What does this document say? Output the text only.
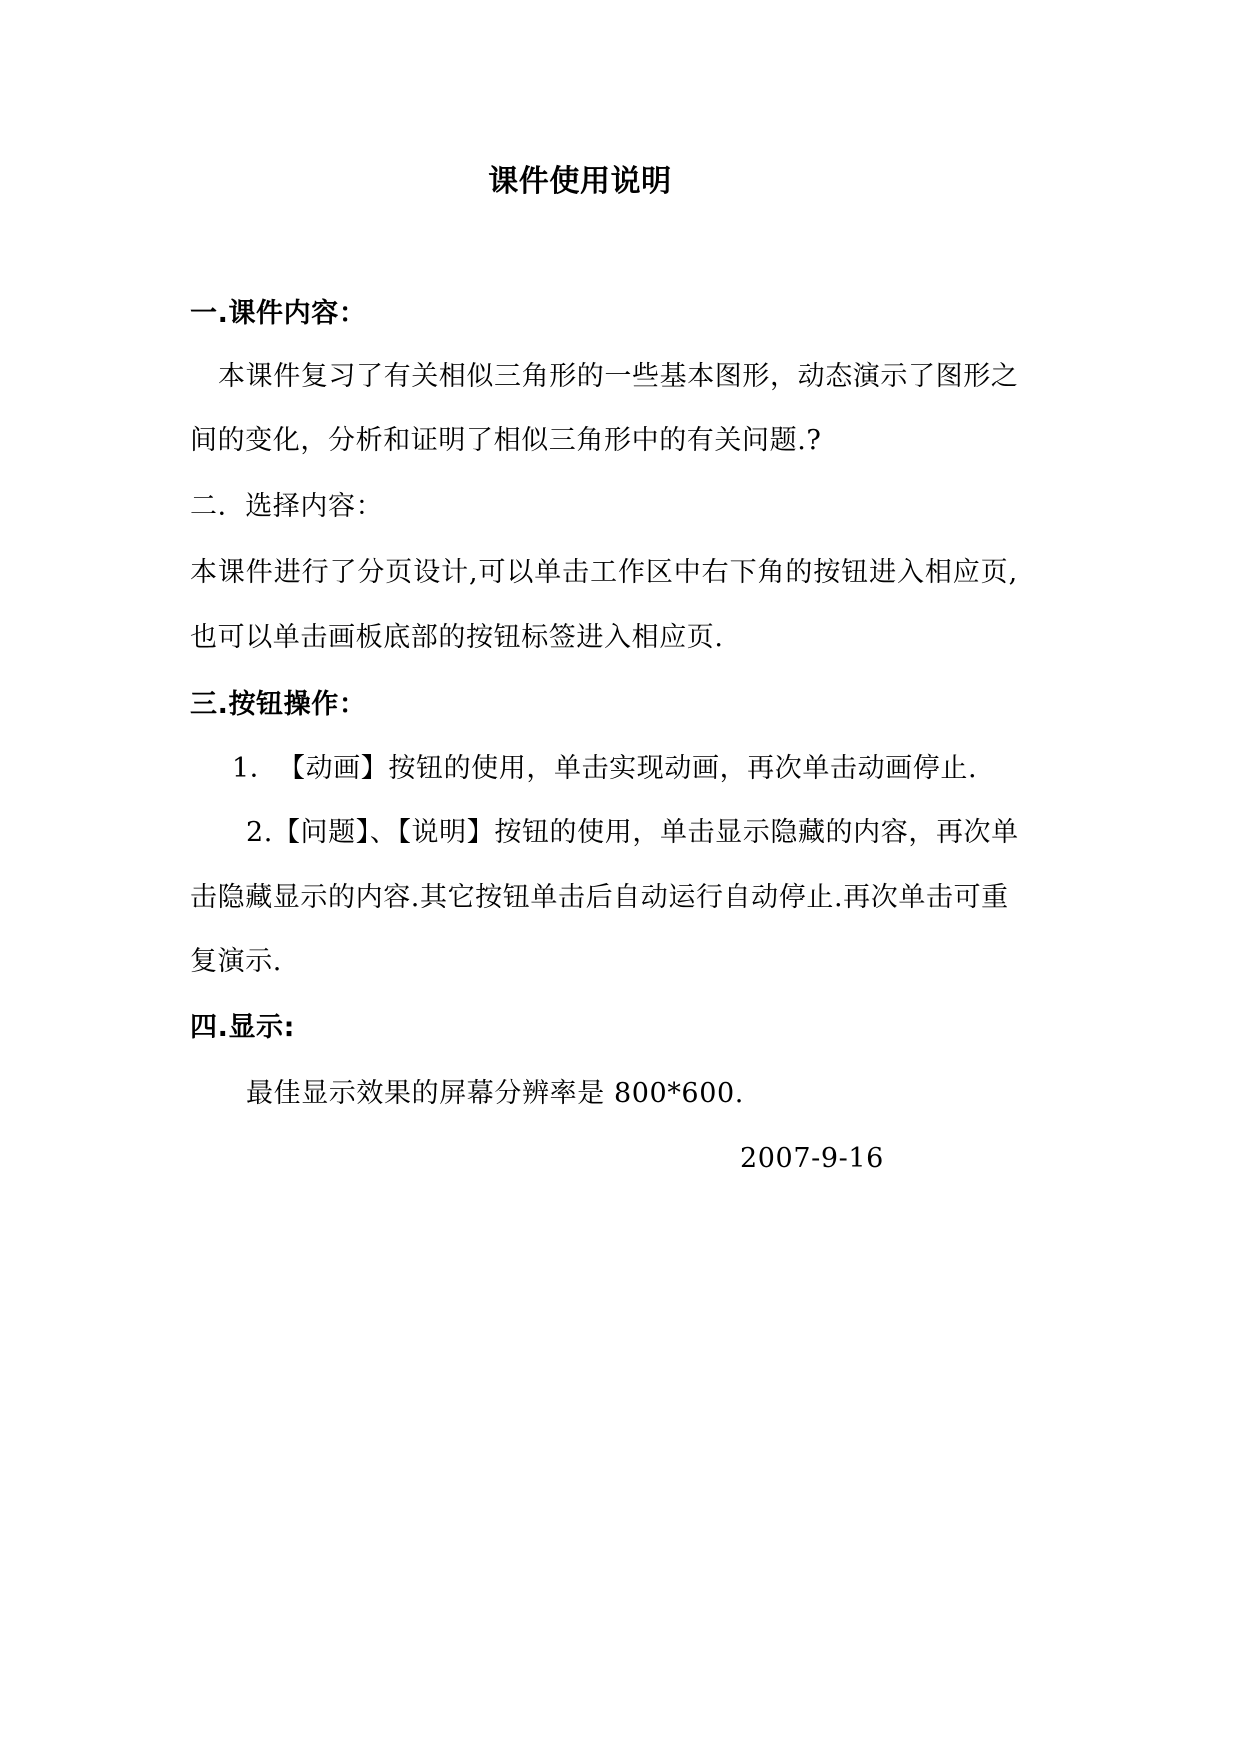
课件使用说明
一.课件内容：
本课件复习了有关相似三角形的一些基本图形，动态演示了图形之
间的变化，分析和证明了相似三角形中的有关问题.?
二．选择内容：
本课件进行了分页设计,可以单击工作区中右下角的按钮进入相应页,
也可以单击画板底部的按钮标签进入相应页.
三.按钮操作：
1．　【动画】按钮的使用，单击实现动画，再次单击动画停止.
2.【问题】、【说明】按钮的使用，单击显示隐藏的内容，再次单
击隐藏显示的内容.其它按钮单击后自动运行自动停止.再次单击可重
复演示.
四.显示:
最佳显示效果的屏幕分辨率是 800*600.
2007-9-16
